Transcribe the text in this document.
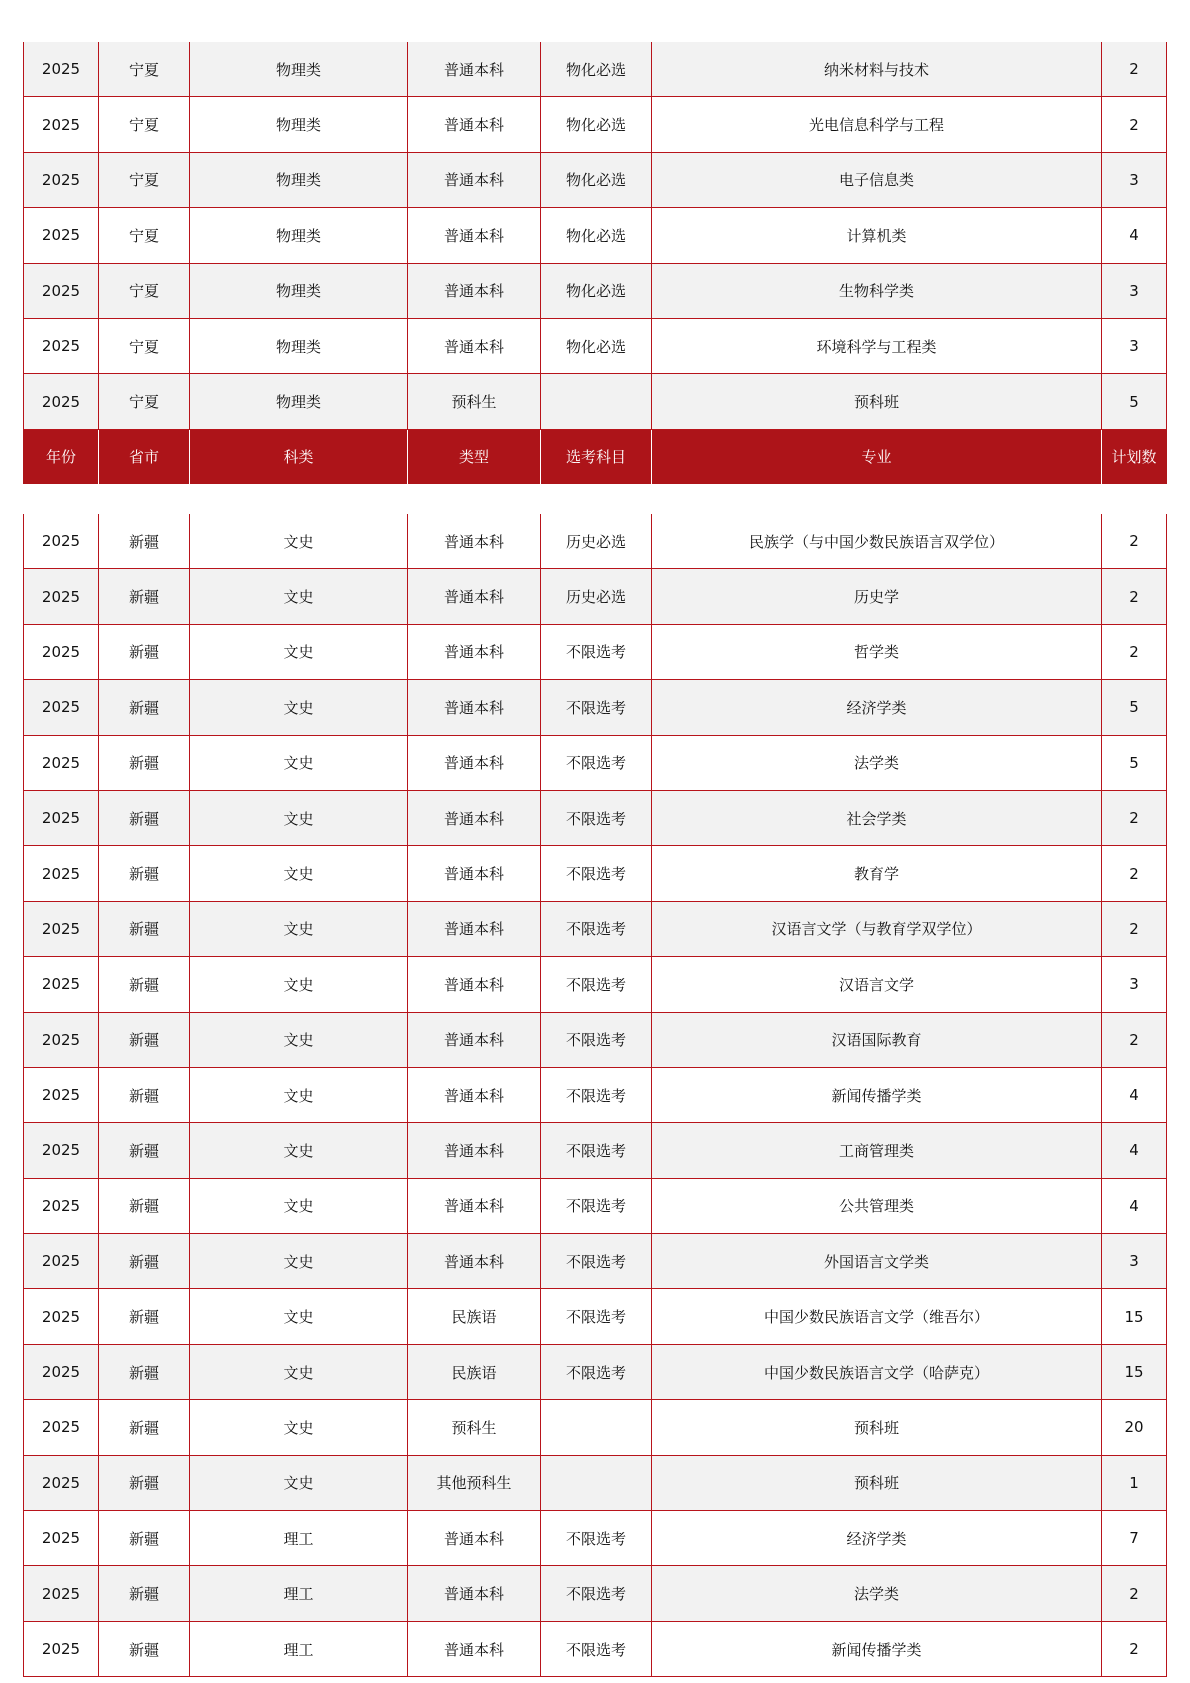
2025	宁夏	物理类	普通本科	物化必选	纳米材料与技术	2
2025	宁夏	物理类	普通本科	物化必选	光电信息科学与工程	2
2025	宁夏	物理类	普通本科	物化必选	电子信息类	3
2025	宁夏	物理类	普通本科	物化必选	计算机类	4
2025	宁夏	物理类	普通本科	物化必选	生物科学类	3
2025	宁夏	物理类	普通本科	物化必选	环境科学与工程类	3
2025	宁夏	物理类	预科生		预科班	5
年份	省市	科类	类型	选考科目	专业	计划数
2025	新疆	文史	普通本科	历史必选	民族学（与中国少数民族语言双学位）	2
2025	新疆	文史	普通本科	历史必选	历史学	2
2025	新疆	文史	普通本科	不限选考	哲学类	2
2025	新疆	文史	普通本科	不限选考	经济学类	5
2025	新疆	文史	普通本科	不限选考	法学类	5
2025	新疆	文史	普通本科	不限选考	社会学类	2
2025	新疆	文史	普通本科	不限选考	教育学	2
2025	新疆	文史	普通本科	不限选考	汉语言文学（与教育学双学位）	2
2025	新疆	文史	普通本科	不限选考	汉语言文学	3
2025	新疆	文史	普通本科	不限选考	汉语国际教育	2
2025	新疆	文史	普通本科	不限选考	新闻传播学类	4
2025	新疆	文史	普通本科	不限选考	工商管理类	4
2025	新疆	文史	普通本科	不限选考	公共管理类	4
2025	新疆	文史	普通本科	不限选考	外国语言文学类	3
2025	新疆	文史	民族语	不限选考	中国少数民族语言文学（维吾尔）	15
2025	新疆	文史	民族语	不限选考	中国少数民族语言文学（哈萨克）	15
2025	新疆	文史	预科生		预科班	20
2025	新疆	文史	其他预科生		预科班	1
2025	新疆	理工	普通本科	不限选考	经济学类	7
2025	新疆	理工	普通本科	不限选考	法学类	2
2025	新疆	理工	普通本科	不限选考	新闻传播学类	2
